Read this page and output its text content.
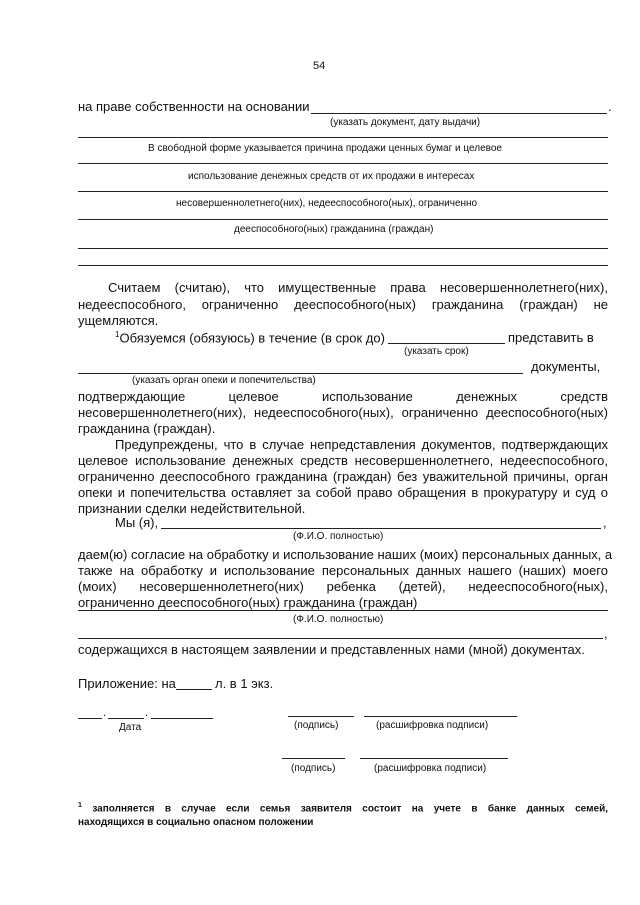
54
на праве собственности на основании	.
(указать документ, дату выдачи)
В свободной форме указывается причина продажи ценных бумаг и целевое
использование денежных средств от их продажи в интересах
несовершеннолетнего(них), недееспособного(ных), ограниченно
дееспособного(ных) гражданина (граждан)
Считаем (считаю), что имущественные права несовершеннолетнего(них),
недееспособного, ограниченно дееспособного(ных) гражданина (граждан) не
ущемляются.
$^1$Обязуемся (обязуюсь) в течение (в срок до)	представить в
(указать срок)
документы,
(указать орган опеки и попечительства)
подтверждающие целевое использование денежных средств
несовершеннолетнего(них), недееспособного(ных), ограниченно дееспособного(ных)
гражданина (граждан).
Предупреждены, что в случае непредставления документов, подтверждающих
целевое использование денежных средств несовершеннолетнего, недееспособного,
ограниченно дееспособного гражданина (граждан) без уважительной причины, орган
опеки и попечительства оставляет за собой право обращения в прокуратуру и суд о
признании сделки недействительной.
Мы (я),	,
(Ф.И.О. полностью)
даем(ю) согласие на обработку и использование наших (моих) персональных данных, а
также на обработку и использование персональных данных нашего (наших) моего
(моих) несовершеннолетнего(них) ребенка (детей), недееспособного(ных),
ограниченно дееспособного(ных) гражданина (граждан)
(Ф.И.О. полностью)
,
содержащихся в настоящем заявлении и представленных нами (мной) документах.
Приложение: на	л. в 1 экз.
.	.
Дата	(подпись)	(расшифровка подписи)
(подпись)	(расшифровка подписи)
$^1$ заполняется в случае если семья заявителя состоит на учете в банке данных семей,
находящихся в социально опасном положении
